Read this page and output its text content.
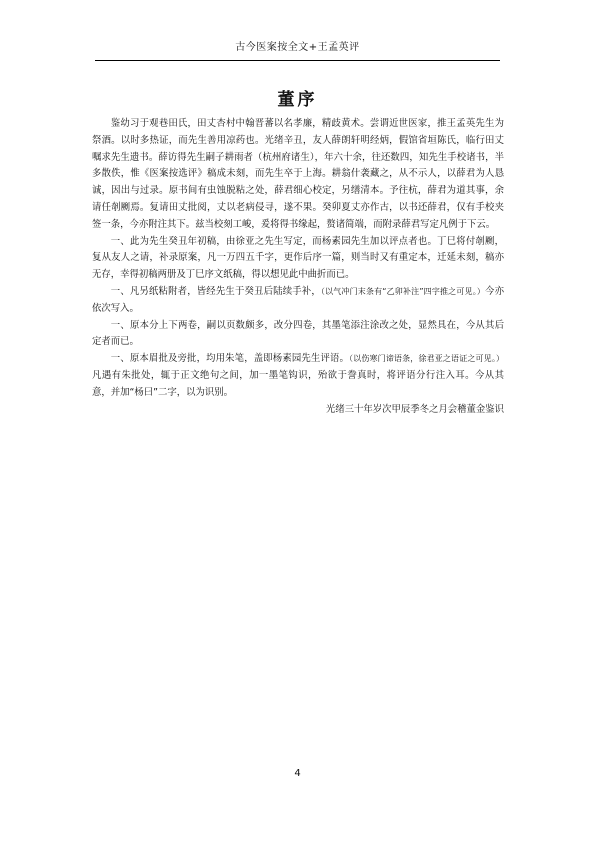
古今医案按全文+王孟英评
董序

鉴幼习于观巷田氏，田丈杏村中翰晋蕃以名孝廉，精歧黄术。尝谓近世医家，推王孟英先生为祭酒。以时多热证，而先生善用凉药也。光绪辛丑，友人薛朗轩明经炳，假馆省垣陈氏，临行田丈嘱求先生遗书。薛访得先生嗣子耕雨者（杭州府诸生），年六十余，往还数四，知先生手校诸书，半多散佚，惟《医案按选评》稿成未刻，而先生卒于上海。耕翁什袭藏之，从不示人，以薛君为人恳诚，因出与过录。原书间有虫蚀脱粘之处，薛君细心校定，另缮清本。予往杭，薛君为道其事，余请任剞劂焉。复请田丈批阅，丈以老病侵寻，遂不果。癸卯夏丈亦作古，以书还薛君，仅有手校夹签一条，今亦附注其下。兹当校刻工峻，爰将得书缘起，赘诸简端，而附录薛君写定凡例于下云。

一、此为先生癸丑年初稿，由徐亚之先生写定，而杨素园先生加以评点者也。丁巳将付剞劂，复从友人之请，补录原案，凡一万四五千字，更作后序一篇，则当时又有重定本，迁延未刻，稿亦无存，幸得初稿两册及丁巳序文纸稿，得以想见此中曲折而已。

一、凡另纸粘附者，皆经先生于癸丑后陆续手补，（以气冲门末条有“乙卯补注”四字推之可见。）今亦依次写入。

一、原本分上下两卷，嗣以页数颇多，改分四卷，其墨笔添注涂改之处，显然具在，今从其后定者而已。

一、原本眉批及旁批，均用朱笔，盖即杨素园先生评语。（以伤寒门谛语条，徐君亚之语证之可见。）凡遇有朱批处，辄于正文绝句之间，加一墨笔钩识，殆欲于誊真时，将评语分行注入耳。今从其意，并加“杨曰”二字，以为识别。

光绪三十年岁次甲辰季冬之月会稽董金鉴识

4
